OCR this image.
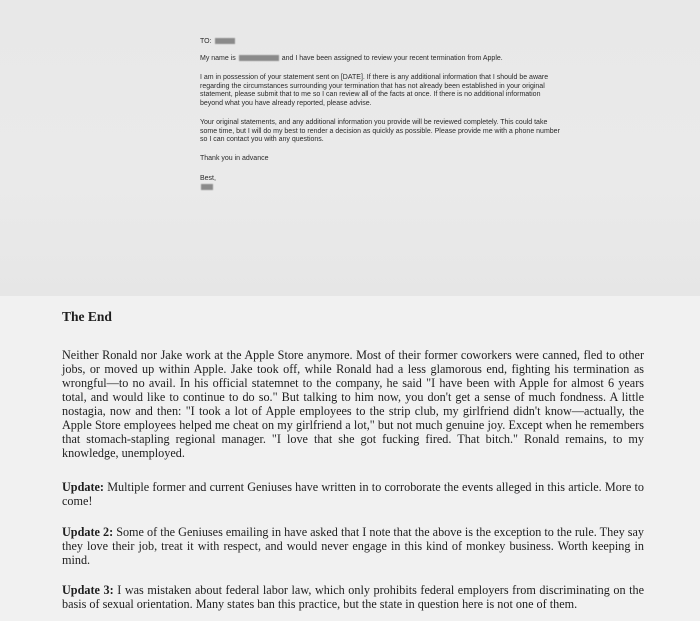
TO:

My name is	and I have been assigned to review your recent termination from Apple.

I am in possession of your statement sent on [DATE]. If there is any additional information that I should be aware regarding the circumstances surrounding your termination that has not already been established in your original statement, please submit that to me so I can review all of the facts at once. If there is no additional information beyond what you have already reported, please advise.

Your original statements, and any additional information you provide will be reviewed completely. This could take some time, but I will do my best to render a decision as quickly as possible. Please provide me with a phone number so I can contact you with any questions.

Thank you in advance

Best,

The End

Neither Ronald nor Jake work at the Apple Store anymore. Most of their former coworkers were canned, fled to other jobs, or moved up within Apple. Jake took off, while Ronald had a less glamorous end, fighting his termination as wrongful—to no avail. In his official statemnet to the company, he said "I have been with Apple for almost 6 years total, and would like to continue to do so." But talking to him now, you don't get a sense of much fondness. A little nostagia, now and then: "I took a lot of Apple employees to the strip club, my girlfriend didn't know—actually, the Apple Store employees helped me cheat on my girlfriend a lot," but not much genuine joy. Except when he remembers that stomach-stapling regional manager. "I love that she got fucking fired. That bitch." Ronald remains, to my knowledge, unemployed.

Update: Multiple former and current Geniuses have written in to corroborate the events alleged in this article. More to come!

Update 2: Some of the Geniuses emailing in have asked that I note that the above is the exception to the rule. They say they love their job, treat it with respect, and would never engage in this kind of monkey business. Worth keeping in mind.

Update 3: I was mistaken about federal labor law, which only prohibits federal employers from discriminating on the basis of sexual orientation. Many states ban this practice, but the state in question here is not one of them.
